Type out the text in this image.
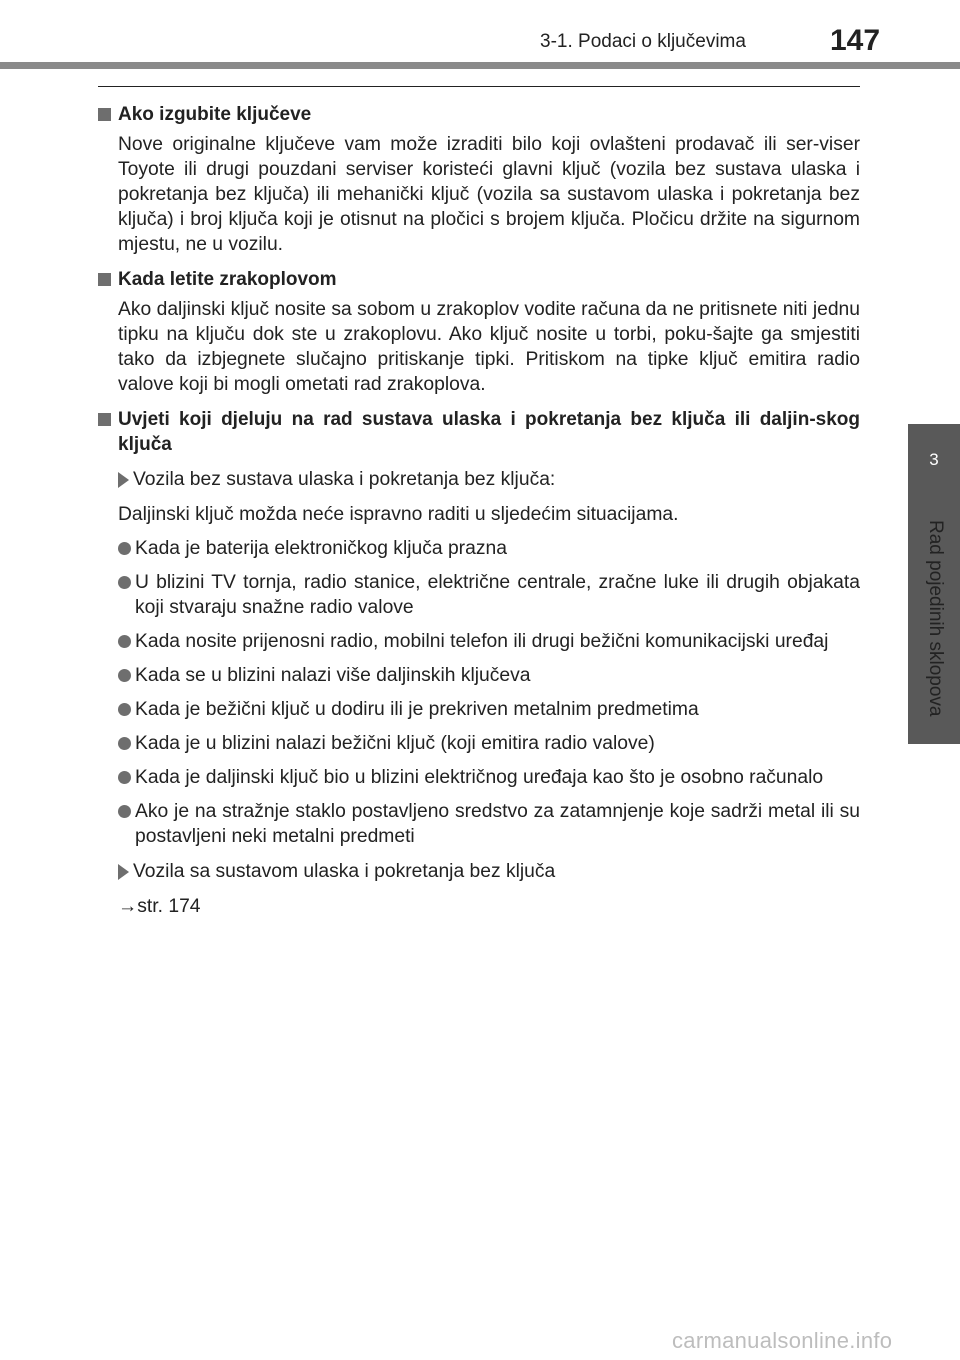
3-1. Podaci o ključevima	147
3
Rad pojedinih sklopova
Ako izgubite ključeve

Nove originalne ključeve vam može izraditi bilo koji ovlašteni prodavač ili ser-viser Toyote ili drugi pouzdani serviser koristeći glavni ključ (vozila bez sustava ulaska i pokretanja bez ključa) ili mehanički ključ (vozila sa sustavom ulaska i pokretanja bez ključa) i broj ključa koji je otisnut na pločici s brojem ključa. Pločicu držite na sigurnom mjestu, ne u vozilu.

Kada letite zrakoplovom

Ako daljinski ključ nosite sa sobom u zrakoplov vodite računa da ne pritisnete niti jednu tipku na ključu dok ste u zrakoplovu. Ako ključ nosite u torbi, poku-šajte ga smjestiti tako da izbjegnete slučajno pritiskanje tipki. Pritiskom na tipke ključ emitira radio valove koji bi mogli ometati rad zrakoplova.

Uvjeti koji djeluju na rad sustava ulaska i pokretanja bez ključa ili daljin-skog ključa

Vozila bez sustava ulaska i pokretanja bez ključa:

Daljinski ključ možda neće ispravno raditi u sljedećim situacijama.

Kada je baterija elektroničkog ključa prazna

U blizini TV tornja, radio stanice, električne centrale, zračne luke ili drugih objakata koji stvaraju snažne radio valove

Kada nosite prijenosni radio, mobilni telefon ili drugi bežični komunikacijski uređaj

Kada se u blizini nalazi više daljinskih ključeva

Kada je bežični ključ u dodiru ili je prekriven metalnim predmetima

Kada je u blizini nalazi bežični ključ (koji emitira radio valove)

Kada je daljinski ključ bio u blizini električnog uređaja kao što je osobno računalo

Ako je na stražnje staklo postavljeno sredstvo za zatamnjenje koje sadrži metal ili su postavljeni neki metalni predmeti

Vozila sa sustavom ulaska i pokretanja bez ključa

→str. 174

carmanualsonline.info
